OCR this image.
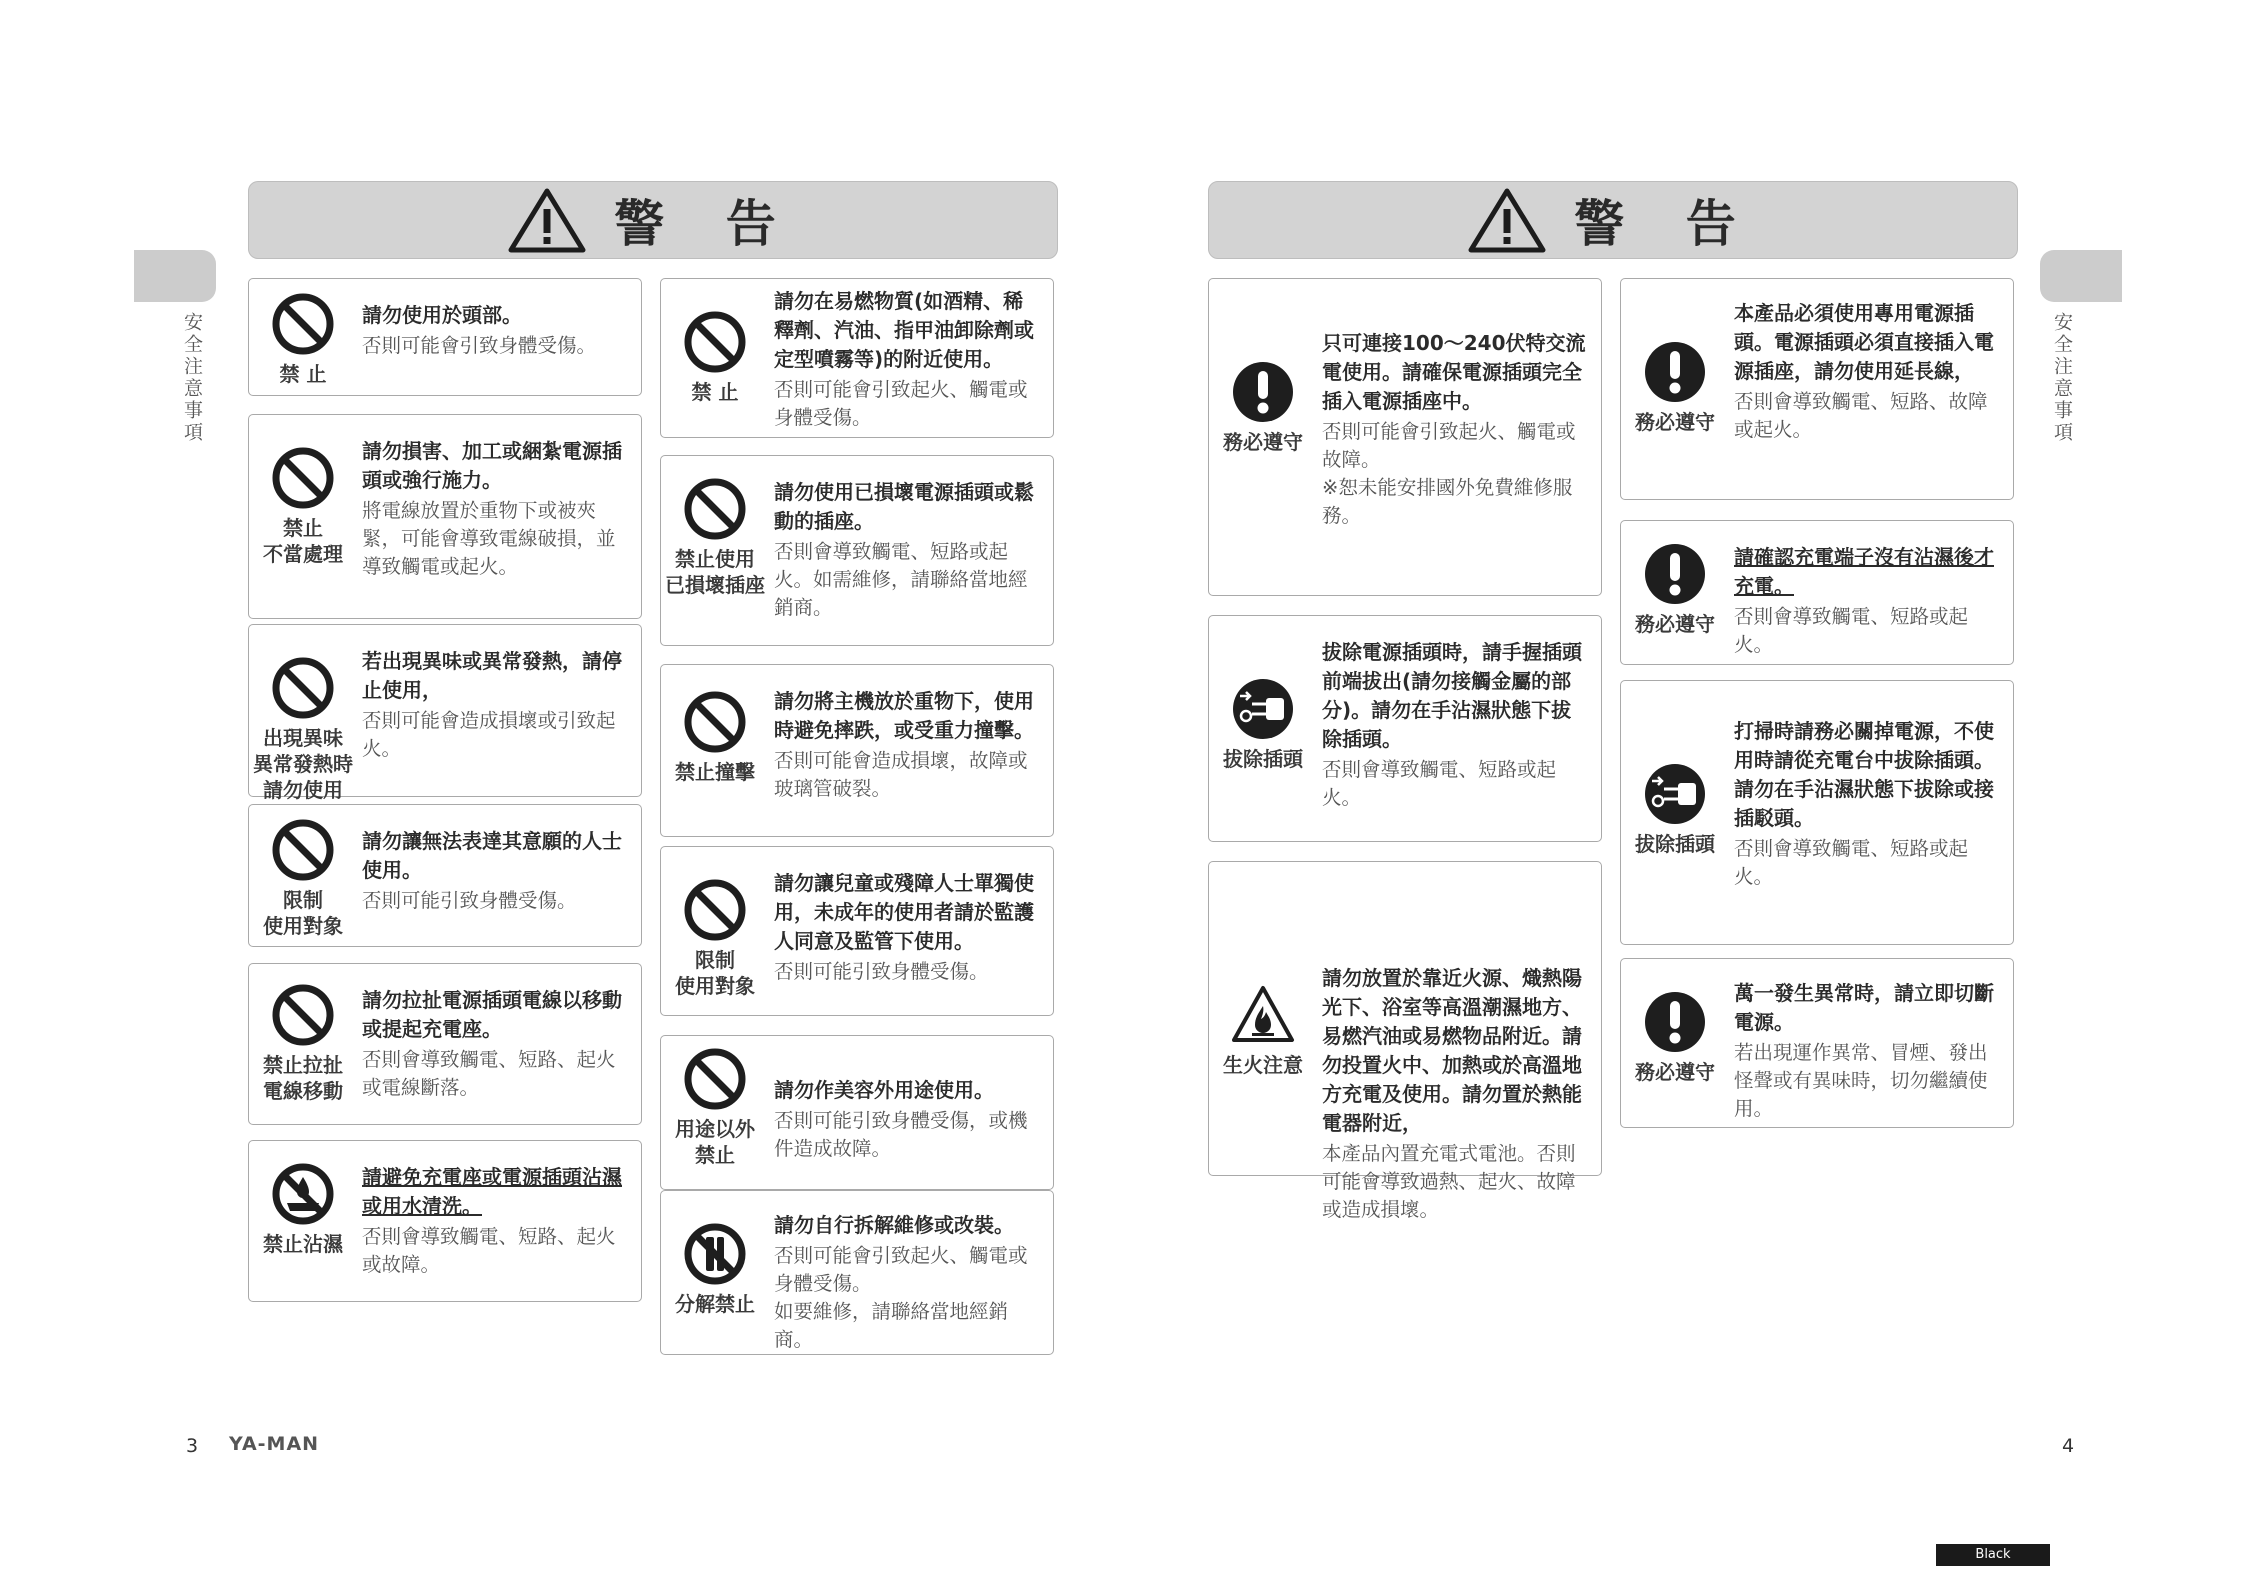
警 告	警 告
安全注意事項	安全注意事項
禁 止
請勿使用於頭部。
否則可能會引致身體受傷。
禁止
不當處理
請勿損害、加工或綑紮電源插頭或強行施力。
將電線放置於重物下或被夾緊，可能會導致電線破損，並導致觸電或起火。
出現異味
異常發熱時
請勿使用
若出現異味或異常發熱，請停止使用，
否則可能會造成損壞或引致起火。
限制
使用對象
請勿讓無法表達其意願的人士使用。
否則可能引致身體受傷。
禁止拉扯
電線移動
請勿拉扯電源插頭電線以移動或提起充電座。
否則會導致觸電、短路、起火或電線斷落。
禁止沾濕
請避免充電座或電源插頭沾濕或用水清洗。
否則會導致觸電、短路、起火或故障。
禁 止
請勿在易燃物質(如酒精、稀釋劑、汽油、指甲油卸除劑或定型噴霧等)的附近使用。
否則可能會引致起火、觸電或身體受傷。
禁止使用
已損壞插座
請勿使用已損壞電源插頭或鬆動的插座。
否則會導致觸電、短路或起火。如需維修，請聯絡當地經銷商。
禁止撞擊
請勿將主機放於重物下，使用時避免摔跌，或受重力撞擊。
否則可能會造成損壞，故障或玻璃管破裂。
限制
使用對象
請勿讓兒童或殘障人士單獨使用，未成年的使用者請於監護人同意及監管下使用。
否則可能引致身體受傷。
用途以外
禁止
請勿作美容外用途使用。
否則可能引致身體受傷，或機件造成故障。
分解禁止
請勿自行拆解維修或改裝。
否則可能會引致起火、觸電或身體受傷。
如要維修，請聯絡當地經銷商。
務必遵守
只可連接100～240伏特交流電使用。請確保電源插頭完全插入電源插座中。
否則可能會引致起火、觸電或故障。
※恕未能安排國外免費維修服務。
拔除插頭
拔除電源插頭時，請手握插頭前端拔出(請勿接觸金屬的部分)。請勿在手沾濕狀態下拔除插頭。
否則會導致觸電、短路或起火。
生火注意
請勿放置於靠近火源、熾熱陽光下、浴室等高溫潮濕地方、易燃汽油或易燃物品附近。請勿投置火中、加熱或於高溫地方充電及使用。請勿置於熱能電器附近，
本產品內置充電式電池。否則可能會導致過熱、起火、故障或造成損壞。
務必遵守
本產品必須使用專用電源插頭。電源插頭必須直接插入電源插座，請勿使用延長線，
否則會導致觸電、短路、故障或起火。
務必遵守
請確認充電端子沒有沾濕後才充電。
否則會導致觸電、短路或起火。
拔除插頭
打掃時請務必關掉電源，不使用時請從充電台中拔除插頭。請勿在手沾濕狀態下拔除或接插駁頭。
否則會導致觸電、短路或起火。
務必遵守
萬一發生異常時，請立即切斷電源。
若出現運作異常、冒煙、發出怪聲或有異味時，切勿繼續使用。
3 YA-MAN	4
Black
